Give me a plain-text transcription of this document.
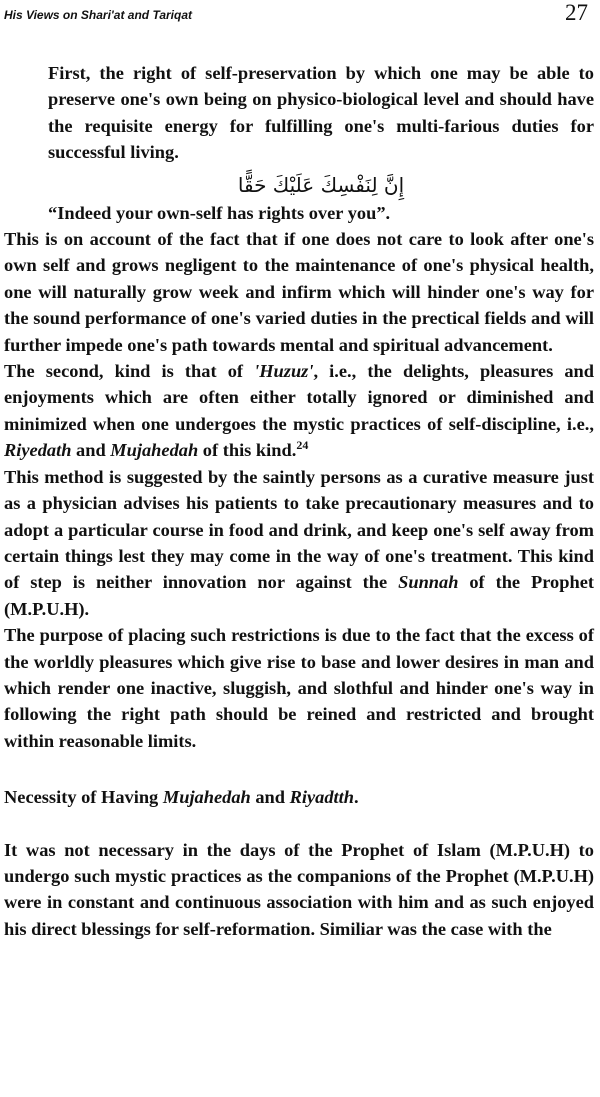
His Views on Shari'at and Tariqat	27

First, the right of self-preservation by which one may be able to preserve one's own being on physico-biological level and should have the requisite energy for fulfilling one's multi-farious duties for successful living.

إِنَّ لِنَفْسِكَ عَلَيْكَ حَقًّا

“Indeed your own-self has rights over you”.

This is on account of the fact that if one does not care to look after one's own self and grows negligent to the maintenance of one's physical health, one will naturally grow week and infirm which will hinder one's way for the sound performance of one's varied duties in the prectical fields and will further impede one's path towards mental and spiritual advancement.

The second, kind is that of 'Huzuz', i.e., the delights, pleasures and enjoyments which are often either totally ignored or diminished and minimized when one undergoes the mystic practices of self-discipline, i.e., Riyedath and Mujahedah of this kind.$^{24}$

This method is suggested by the saintly persons as a curative measure just as a physician advises his patients to take precautionary measures and to adopt a particular course in food and drink, and keep one's self away from certain things lest they may come in the way of one's treatment. This kind of step is neither innovation nor against the Sunnah of the Prophet (M.P.U.H).

The purpose of placing such restrictions is due to the fact that the excess of the worldly pleasures which give rise to base and lower desires in man and which render one inactive, sluggish, and slothful and hinder one's way in following the right path should be reined and restricted and brought within reasonable limits.

Necessity of Having Mujahedah and Riyadtth.

It was not necessary in the days of the Prophet of Islam (M.P.U.H) to undergo such mystic practices as the companions of the Prophet (M.P.U.H) were in constant and continuous association with him and as such enjoyed his direct blessings for self-reformation. Similiar was the case with the
